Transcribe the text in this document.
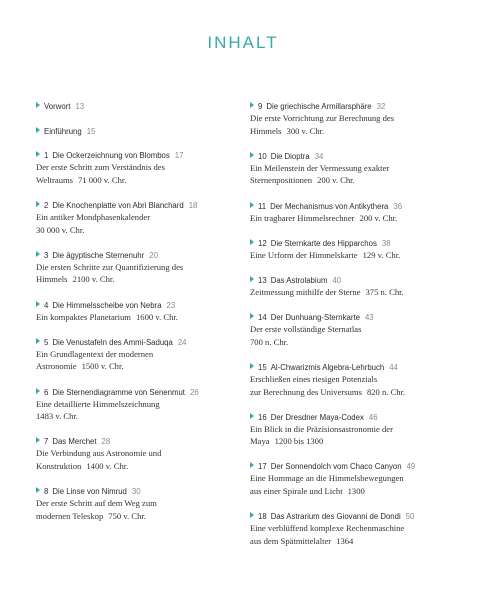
INHALT
Vorwort 13
Einführung 15
1 Die Ockerzeichnung von Blombos 17
Der erste Schritt zum Verständnis des
Weltraums 71 000 v. Chr.
2 Die Knochenplatte von Abri Blanchard 18
Ein antiker Mondphasenkalender
30 000 v. Chr.
3 Die ägyptische Sternenuhr 20
Die ersten Schritte zur Quantifizierung des
Himmels 2100 v. Chr.
4 Die Himmelsscheibe von Nebra 23
Ein kompaktes Planetarium 1600 v. Chr.
5 Die Venustafeln des Ammi-Saduqa 24
Ein Grundlagentext der modernen
Astronomie 1500 v. Chr.
6 Die Sternendiagramme von Senenmut 26
Eine detaillierte Himmelszeichnung
1483 v. Chr.
7 Das Merchet 28
Die Verbindung aus Astronomie und
Konstruktion 1400 v. Chr.
8 Die Linse von Nimrud 30
Der erste Schritt auf dem Weg zum
modernen Teleskop 750 v. Chr.
9 Die griechische Armillarsphäre 32
Die erste Vorrichtung zur Berechnung des
Himmels 300 v. Chr.
10 Die Dioptra 34
Ein Meilenstein der Vermessung exakter
Sternenpositionen 200 v. Chr.
11 Der Mechanismus von Antikythera 36
Ein tragbarer Himmelsrechner 200 v. Chr.
12 Die Sternkarte des Hipparchos 38
Eine Urform der Himmelskarte 129 v. Chr.
13 Das Astrolabium 40
Zeitmessung mithilfe der Sterne 375 n. Chr.
14 Der Dunhuang-Sternkarte 43
Der erste vollständige Sternatlas
700 n. Chr.
15 Al-Chwarizmis Algebra-Lehrbuch 44
Erschließen eines riesigen Potenzials
zur Berechnung des Universums 820 n. Chr.
16 Der Dresdner Maya-Codex 46
Ein Blick in die Präzisionsastronomie der
Maya 1200 bis 1300
17 Der Sonnendolch vom Chaco Canyon 49
Eine Hommage an die Himmelsbewegungen
aus einer Spirale und Licht 1300
18 Das Astrarium des Giovanni de Dondi 50
Eine verblüffend komplexe Rechenmaschine
aus dem Spätmittelalter 1364
